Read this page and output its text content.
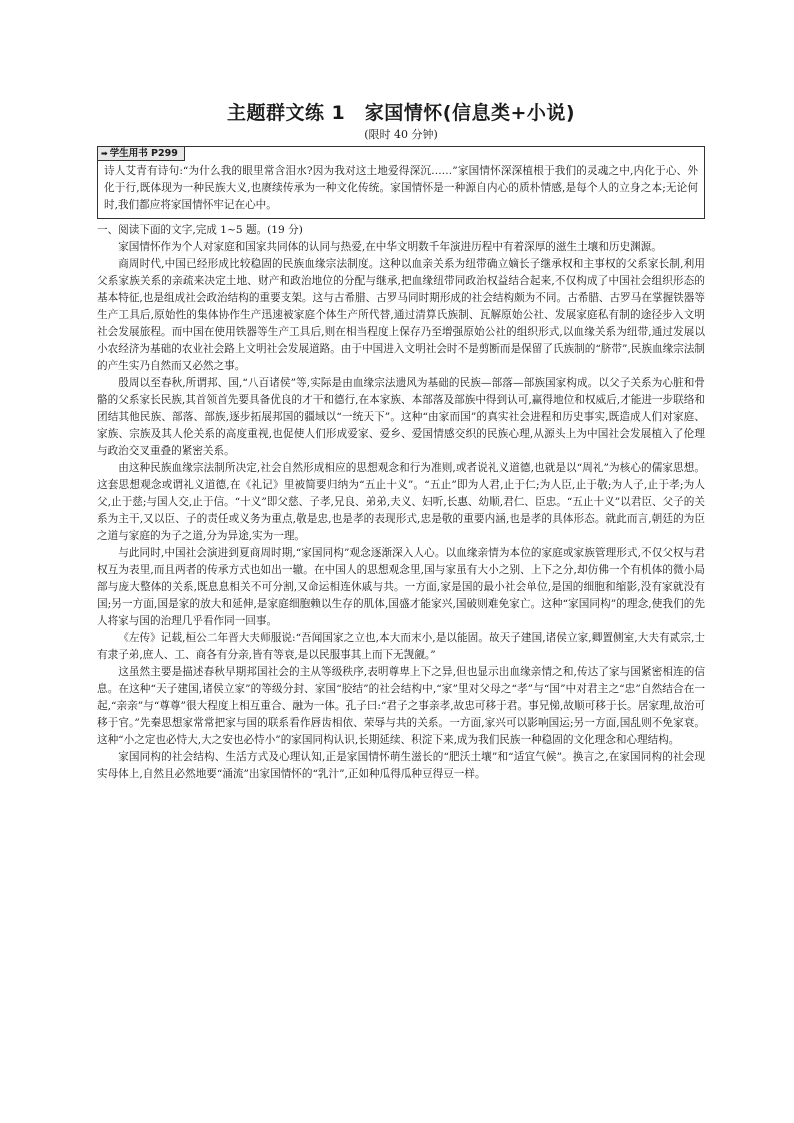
主题群文练 1　家国情怀(信息类+小说)
(限时 40 分钟)
➡ 学生用书 P299

诗人艾青有诗句:“为什么我的眼里常含泪水?因为我对这土地爱得深沉……”家国情怀深深植根于我们的灵魂之中,内化于心、外化于行,既体现为一种民族大义,也赓续传承为一种文化传统。家国情怀是一种源自内心的质朴情感,是每个人的立身之本;无论何时,我们都应将家国情怀牢记在心中。

一、阅读下面的文字,完成 1~5 题。(19 分)

家国情怀作为个人对家庭和国家共同体的认同与热爱,在中华文明数千年演进历程中有着深厚的滋生土壤和历史渊源。

商周时代,中国已经形成比较稳固的民族血缘宗法制度。这种以血亲关系为纽带确立嫡长子继承权和主事权的父系家长制,利用父系家族关系的亲疏来决定土地、财产和政治地位的分配与继承,把血缘纽带同政治权益结合起来,不仅构成了中国社会组织形态的基本特征,也是组成社会政治结构的重要支架。这与古希腊、古罗马同时期形成的社会结构颇为不同。古希腊、古罗马在掌握铁器等生产工具后,原始性的集体协作生产迅速被家庭个体生产所代替,通过清算氏族制、瓦解原始公社、发展家庭私有制的途径步入文明社会发展旅程。而中国在使用铁器等生产工具后,则在相当程度上保存乃至增强原始公社的组织形式,以血缘关系为纽带,通过发展以小农经济为基础的农业社会路上文明社会发展道路。由于中国进入文明社会时不是剪断而是保留了氏族制的“脐带”,民族血缘宗法制的产生实乃自然而又必然之事。

殷周以至春秋,所谓邦、国,“八百诸侯”等,实际是由血缘宗法遗风为基础的民族—部落—部族国家构成。以父子关系为心脏和骨骼的父系家长民族,其首领首先要具备优良的才干和德行,在本家族、本部落及部族中得到认可,赢得地位和权威后,才能进一步联络和团结其他民族、部落、部族,逐步拓展邦国的疆域以“一统天下”。这种“由家而国”的真实社会进程和历史事实,既造成人们对家庭、家族、宗族及其人伦关系的高度重视,也促使人们形成爱家、爱乡、爱国情感交织的民族心理,从源头上为中国社会发展植入了伦理与政治交叉重叠的紧密关系。

由这种民族血缘宗法制所决定,社会自然形成相应的思想观念和行为准则,或者说礼义道德,也就是以“周礼”为核心的儒家思想。这套思想观念或谓礼义道德,在《礼记》里被简要归纳为“五止十义”。“五止”即为人君,止于仁;为人臣,止于敬;为人子,止于孝;为人父,止于慈;与国人交,止于信。“十义”即父慈、子孝,兄良、弟弟,夫义、妇听,长惠、幼顺,君仁、臣忠。“五止十义”以君臣、父子的关系为主干,又以臣、子的责任或义务为重点,敬是忠,也是孝的表现形式,忠是敬的重要内涵,也是孝的具体形态。就此而言,朝廷的为臣之道与家庭的为子之道,分为异途,实为一理。

与此同时,中国社会演进到夏商周时期,“家国同构”观念逐渐深入人心。以血缘亲情为本位的家庭或家族管理形式,不仅父权与君权互为表里,而且两者的传承方式也如出一辙。在中国人的思想观念里,国与家虽有大小之别、上下之分,却仿佛一个有机体的微小局部与庞大整体的关系,既息息相关不可分割,又命运相连休戚与共。一方面,家是国的最小社会单位,是国的细胞和缩影,没有家就没有国;另一方面,国是家的放大和延伸,是家庭细胞赖以生存的肌体,国盛才能家兴,国破则难免家亡。这种“家国同构”的理念,使我们的先人将家与国的治理几乎看作同一回事。

《左传》记载,桓公二年晋大夫师服说:“吾闻国家之立也,本大而末小,是以能固。故天子建国,诸侯立家,卿置侧室,大夫有贰宗,士有隶子弟,庶人、工、商各有分亲,皆有等衰,是以民服事其上而下无觊觎。”

这虽然主要是描述春秋早期邦国社会的主从等级秩序,表明尊卑上下之异,但也显示出血缘亲情之和,传达了家与国紧密相连的信息。在这种“天子建国,诸侯立家”的等级分封、家国“胶结”的社会结构中,“家”里对父母之“孝”与“国”中对君主之“忠”自然结合在一起,“亲亲”与“尊尊”很大程度上相互重合、融为一体。孔子曰:“君子之事亲孝,故忠可移于君。事兄悌,故顺可移于长。居家理,故治可移于官。”先秦思想家常常把家与国的联系看作唇齿相依、荣辱与共的关系。一方面,家兴可以影响国运;另一方面,国乱则不免家衰。这种“小之定也必恃大,大之安也必恃小”的家国同构认识,长期延续、积淀下来,成为我们民族一种稳固的文化理念和心理结构。

家国同构的社会结构、生活方式及心理认知,正是家国情怀萌生滋长的“肥沃土壤”和“适宜气候”。换言之,在家国同构的社会现实母体上,自然且必然地要“涌流”出家国情怀的“乳汁”,正如种瓜得瓜种豆得豆一样。
